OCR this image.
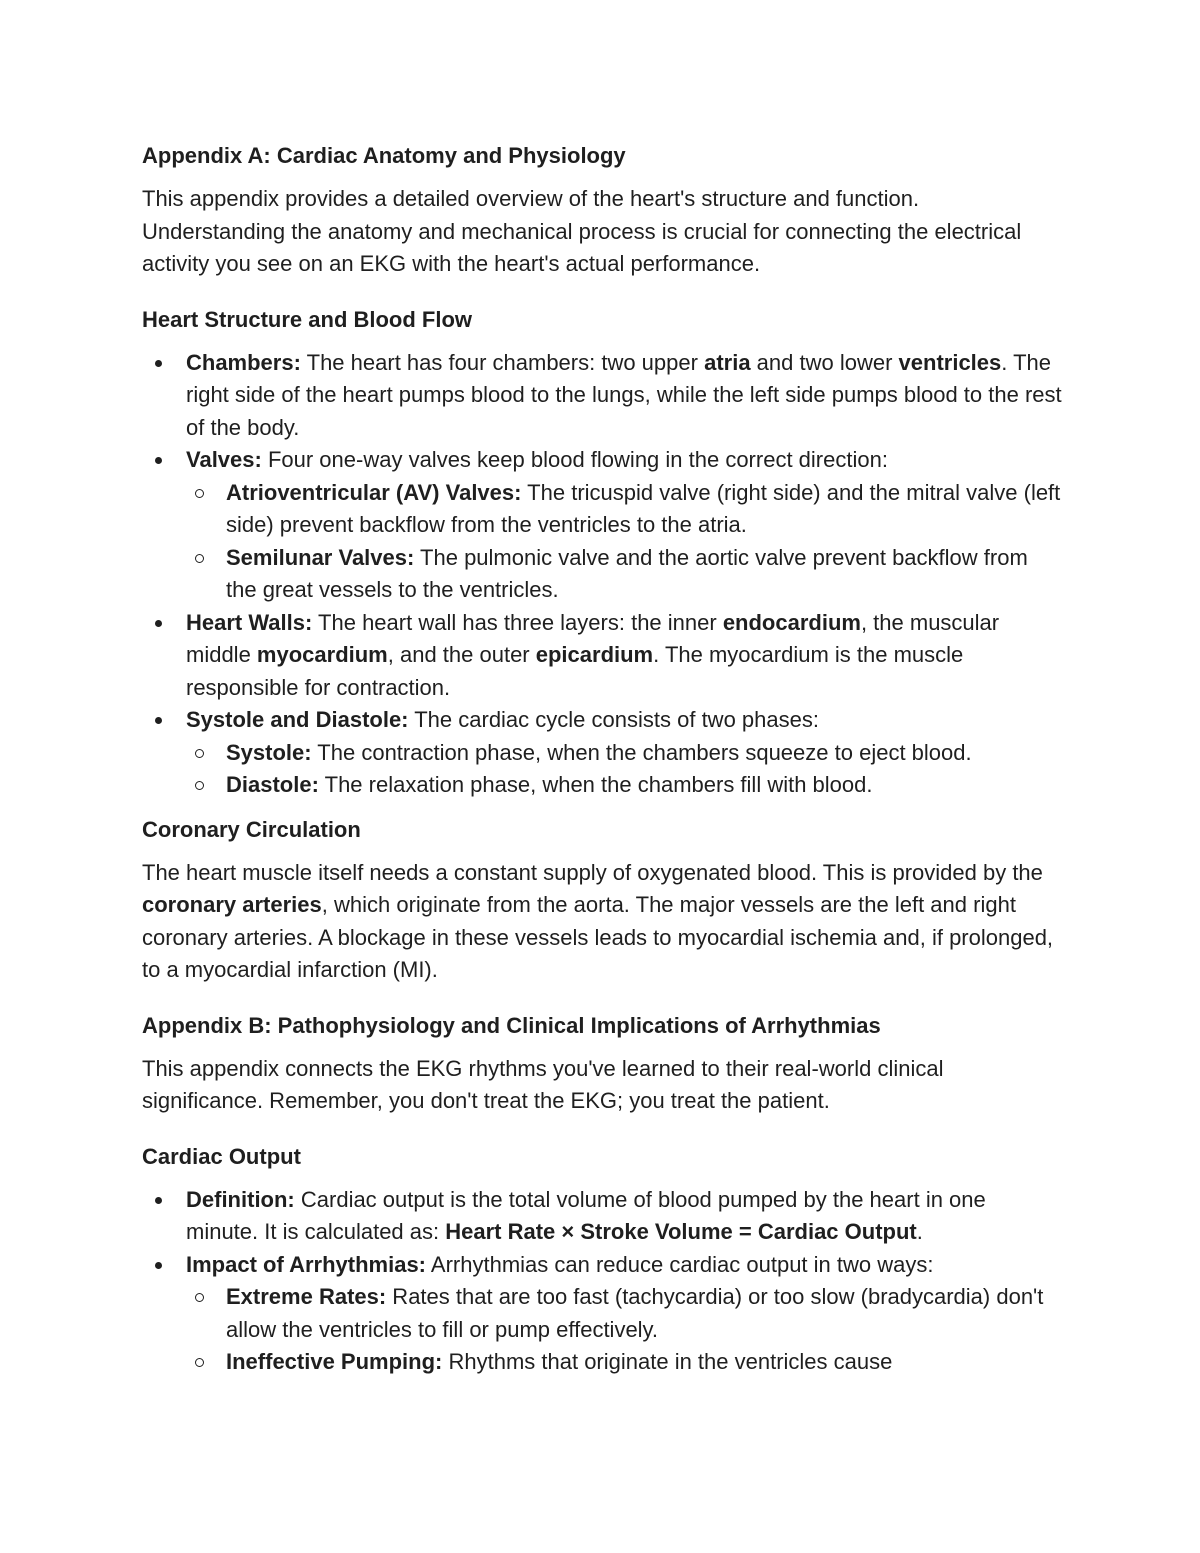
Appendix A: Cardiac Anatomy and Physiology

This appendix provides a detailed overview of the heart's structure and function. Understanding the anatomy and mechanical process is crucial for connecting the electrical activity you see on an EKG with the heart's actual performance.

Heart Structure and Blood Flow
Chambers: The heart has four chambers: two upper atria and two lower ventricles. The right side of the heart pumps blood to the lungs, while the left side pumps blood to the rest of the body.
Valves: Four one-way valves keep blood flowing in the correct direction:
Atrioventricular (AV) Valves: The tricuspid valve (right side) and the mitral valve (left side) prevent backflow from the ventricles to the atria.
Semilunar Valves: The pulmonic valve and the aortic valve prevent backflow from the great vessels to the ventricles.
Heart Walls: The heart wall has three layers: the inner endocardium, the muscular middle myocardium, and the outer epicardium. The myocardium is the muscle responsible for contraction.
Systole and Diastole: The cardiac cycle consists of two phases:
Systole: The contraction phase, when the chambers squeeze to eject blood.
Diastole: The relaxation phase, when the chambers fill with blood.
Coronary Circulation

The heart muscle itself needs a constant supply of oxygenated blood. This is provided by the coronary arteries, which originate from the aorta. The major vessels are the left and right coronary arteries. A blockage in these vessels leads to myocardial ischemia and, if prolonged, to a myocardial infarction (MI).

Appendix B: Pathophysiology and Clinical Implications of Arrhythmias

This appendix connects the EKG rhythms you've learned to their real-world clinical significance. Remember, you don't treat the EKG; you treat the patient.

Cardiac Output
Definition: Cardiac output is the total volume of blood pumped by the heart in one minute. It is calculated as: Heart Rate × Stroke Volume = Cardiac Output.
Impact of Arrhythmias: Arrhythmias can reduce cardiac output in two ways:
Extreme Rates: Rates that are too fast (tachycardia) or too slow (bradycardia) don't allow the ventricles to fill or pump effectively.
Ineffective Pumping: Rhythms that originate in the ventricles cause
